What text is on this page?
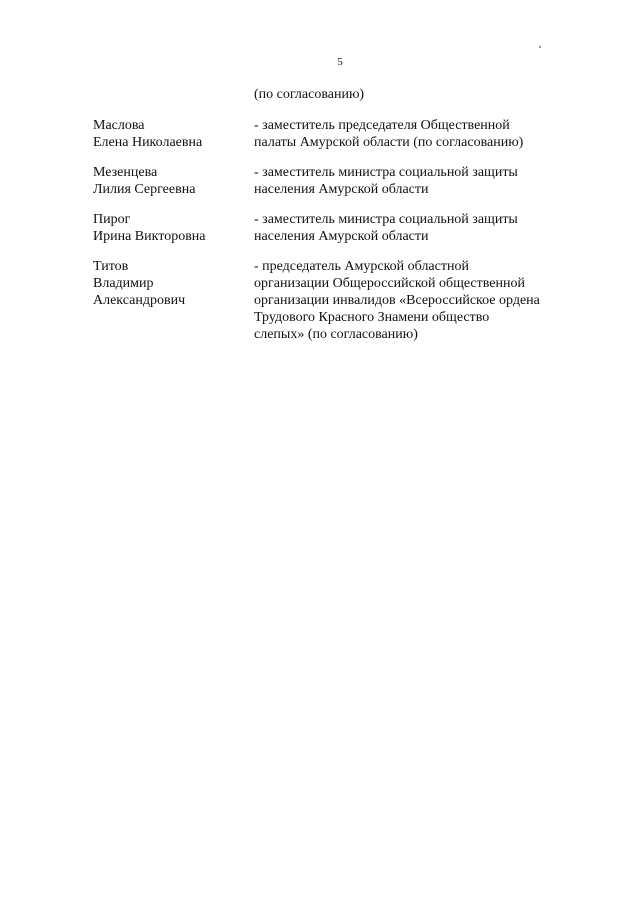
5
(по согласованию)
Маслова
Елена Николаевна
- заместитель председателя Общественной
палаты Амурской области (по согласованию)
Мезенцева
Лилия Сергеевна
- заместитель министра социальной защиты
населения Амурской области
Пирог
Ирина Викторовна
- заместитель министра социальной защиты
населения Амурской области
Титов
Владимир
Александрович
- председатель Амурской областной
организации Общероссийской общественной
организации инвалидов «Всероссийское ордена
Трудового Красного Знамени общество
слепых» (по согласованию)
